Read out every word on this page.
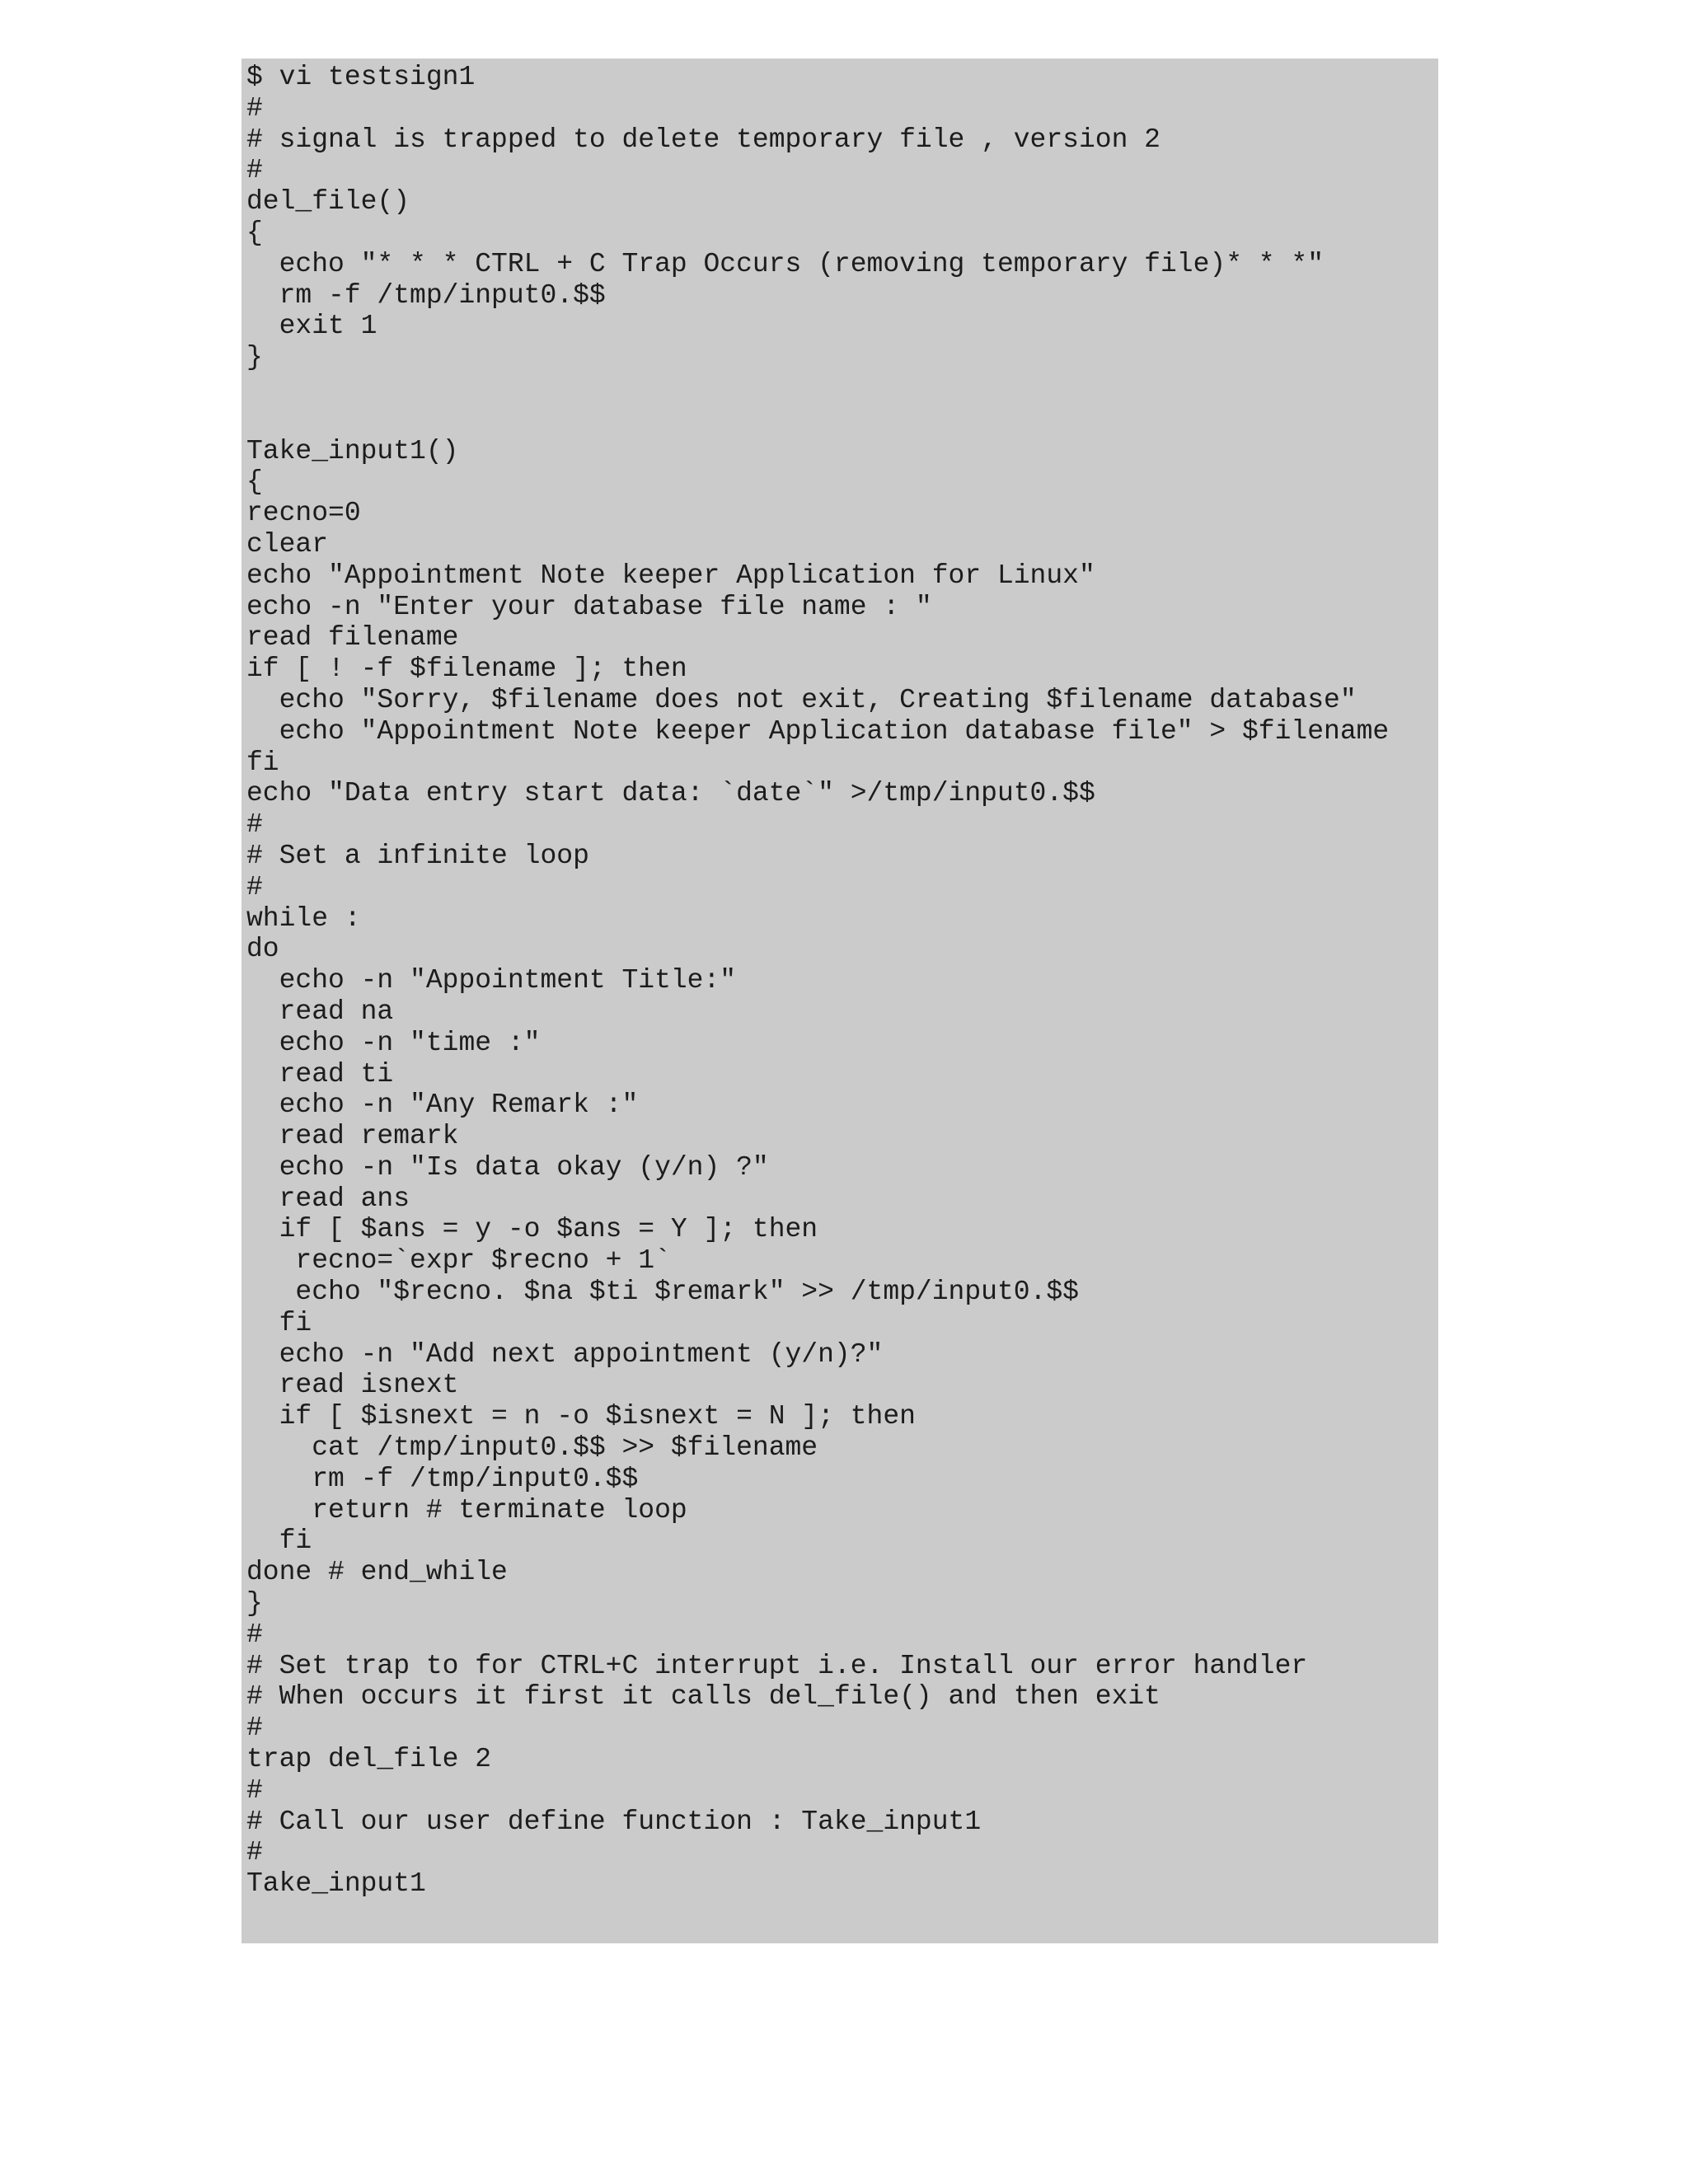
$ vi testsign1
#
# signal is trapped to delete temporary file , version 2
#
del_file()
{
echo "* * * CTRL + C Trap Occurs (removing temporary file)* * *"
rm -f /tmp/input0.$$
exit 1
}
Take_input1()
{
recno=0
clear
echo "Appointment Note keeper Application for Linux"
echo -n "Enter your database file name : "
read filename
if [ ! -f $filename ]; then
echo "Sorry, $filename does not exit, Creating $filename database"
echo "Appointment Note keeper Application database file" > $filename
fi
echo "Data entry start data: `date`" >/tmp/input0.$$
#
# Set a infinite loop
#
while :
do
echo -n "Appointment Title:"
read na
echo -n "time :"
read ti
echo -n "Any Remark :"
read remark
echo -n "Is data okay (y/n) ?"
read ans
if [ $ans = y -o $ans = Y ]; then
recno=`expr $recno + 1`
echo "$recno. $na $ti $remark" >> /tmp/input0.$$
fi
echo -n "Add next appointment (y/n)?"
read isnext
if [ $isnext = n -o $isnext = N ]; then
cat /tmp/input0.$$ >> $filename
rm -f /tmp/input0.$$
return # terminate loop
fi
done # end_while
}
#
# Set trap to for CTRL+C interrupt i.e. Install our error handler
# When occurs it first it calls del_file() and then exit
#
trap del_file 2
#
# Call our user define function : Take_input1
#
Take_input1
